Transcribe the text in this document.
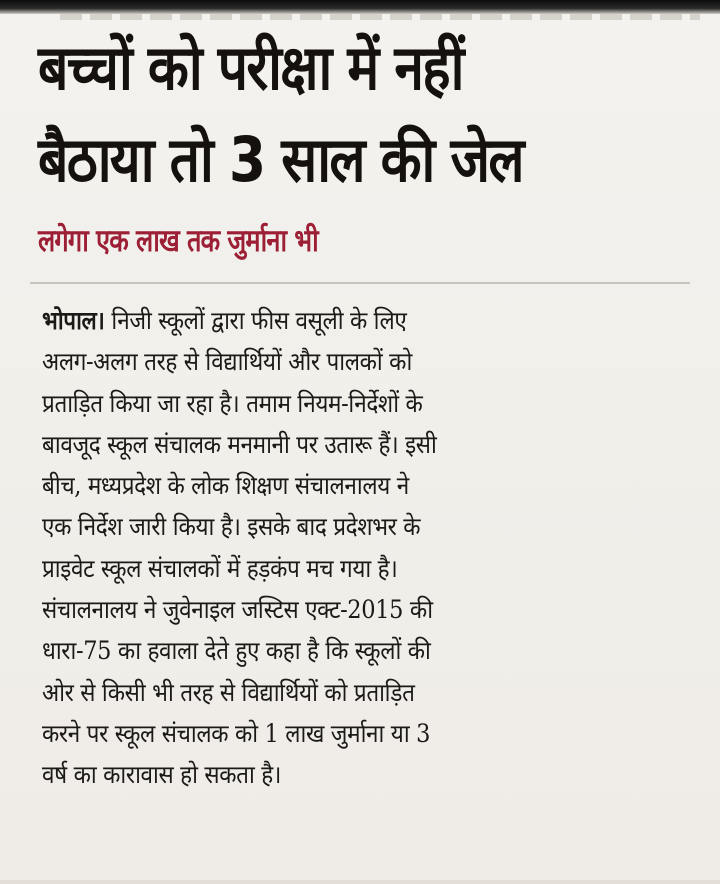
बच्चों को परीक्षा में नहीं
बैठाया तो 3 साल की जेल
लगेगा एक लाख तक जुर्माना भी
भोपाल। निजी स्कूलों द्वारा फीस वसूली के लिए
अलग-अलग तरह से विद्यार्थियों और पालकों को
प्रताड़ित किया जा रहा है। तमाम नियम-निर्देशों के
बावजूद स्कूल संचालक मनमानी पर उतारू हैं। इसी
बीच, मध्यप्रदेश के लोक शिक्षण संचालनालय ने
एक निर्देश जारी किया है। इसके बाद प्रदेशभर के
प्राइवेट स्कूल संचालकों में हड़कंप मच गया है।
संचालनालय ने जुवेनाइल जस्टिस एक्ट-2015 की
धारा-75 का हवाला देते हुए कहा है कि स्कूलों की
ओर से किसी भी तरह से विद्यार्थियों को प्रताड़ित
करने पर स्कूल संचालक को 1 लाख जुर्माना या 3
वर्ष का कारावास हो सकता है।
